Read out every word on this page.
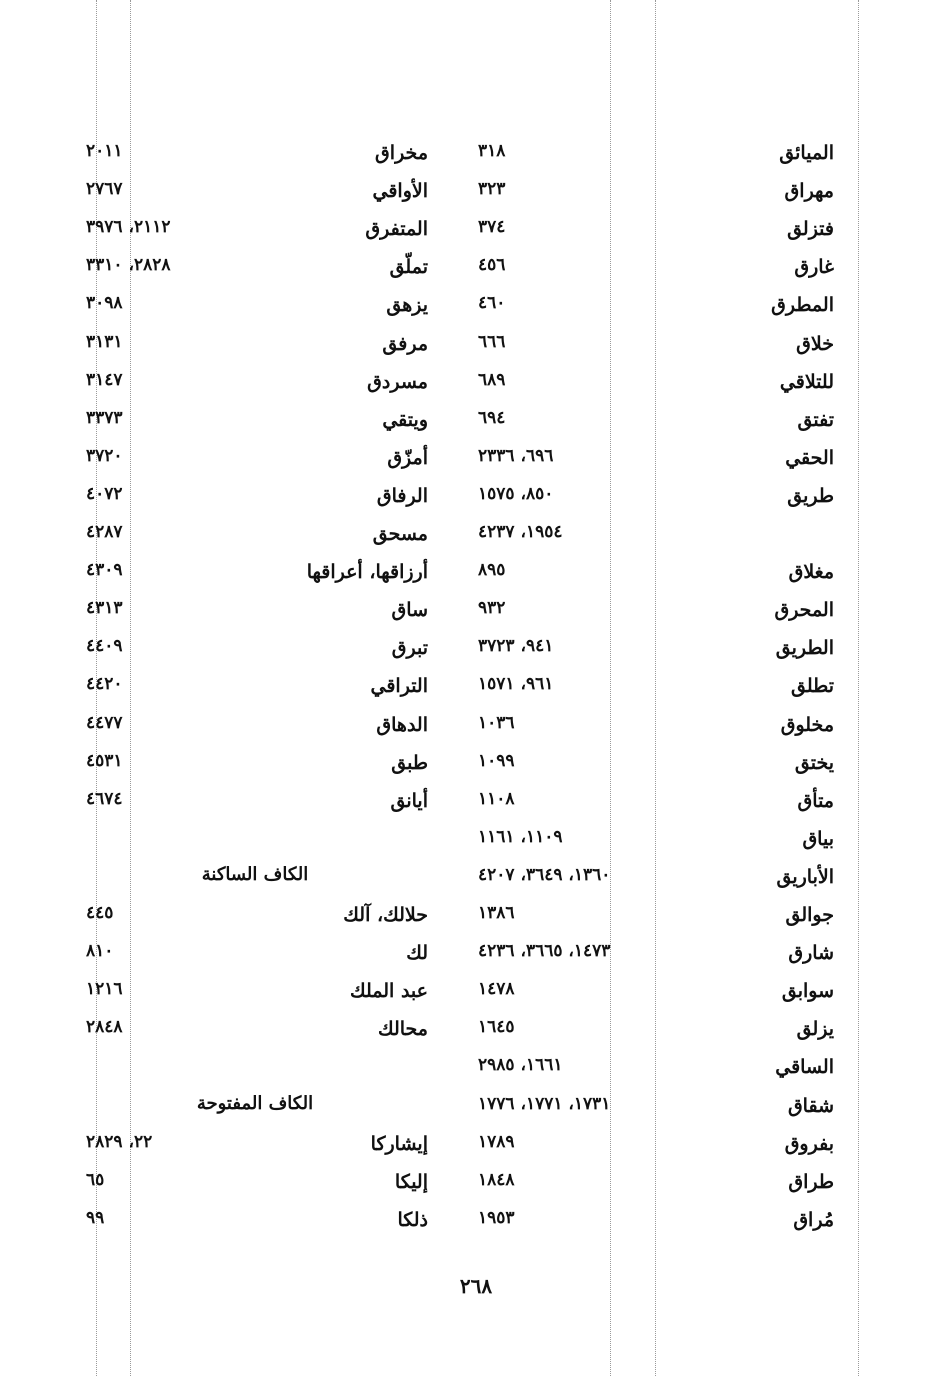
الميائق
٣١٨
مهراق
٣٢٣
فتزلق
٣٧٤
غارق
٤٥٦
المطرق
٤٦٠
خلاق
٦٦٦
للتلاقي
٦٨٩
تفتق
٦٩٤
الحقي
٦٩٦، ٢٣٣٦
طريق
٨٥٠، ١٥٧٥
١٩٥٤، ٤٢٣٧
مغلاق
٨٩٥
المحرق
٩٣٢
الطريق
٩٤١، ٣٧٢٣
تطلق
٩٦١، ١٥٧١
مخلوق
١٠٣٦
يختق
١٠٩٩
متأق
١١٠٨
بياق
١١٠٩، ١١٦١
الأباريق
١٣٦٠، ٣٦٤٩، ٤٢٠٧
جوالق
١٣٨٦
شارق
١٤٧٣، ٣٦٦٥، ٤٢٣٦
سوابق
١٤٧٨
يزلق
١٦٤٥
الساقي
١٦٦١، ٢٩٨٥
شقاق
١٧٣١، ١٧٧١، ١٧٧٦
بفروق
١٧٨٩
طراق
١٨٤٨
مُراق
١٩٥٣
مخراق
٢٠١١
الأواقي
٢٧٦٧
المتفرق
٢١١٢، ٣٩٧٦
تملّق
٢٨٢٨، ٣٣١٠
يزهق
٣٠٩٨
مرفق
٣١٣١
مسردق
٣١٤٧
ويتقي
٣٣٧٣
أمزّق
٣٧٢٠
الرفاق
٤٠٧٢
مسحق
٤٢٨٧
أرزاقها، أعراقها
٤٣٠٩
ساق
٤٣١٣
تبرق
٤٤٠٩
التراقي
٤٤٢٠
الدهاق
٤٤٧٧
طبق
٤٥٣١
أيانق
٤٦٧٤
الكاف الساكنة
حلالك، آلك
٤٤٥
لك
٨١٠
عبد الملك
١٢١٦
محالك
٢٨٤٨
الكاف المفتوحة
إيشاركا
٢٢، ٢٨٢٩
إليكا
٦٥
ذلكا
٩٩
٢٦٨
